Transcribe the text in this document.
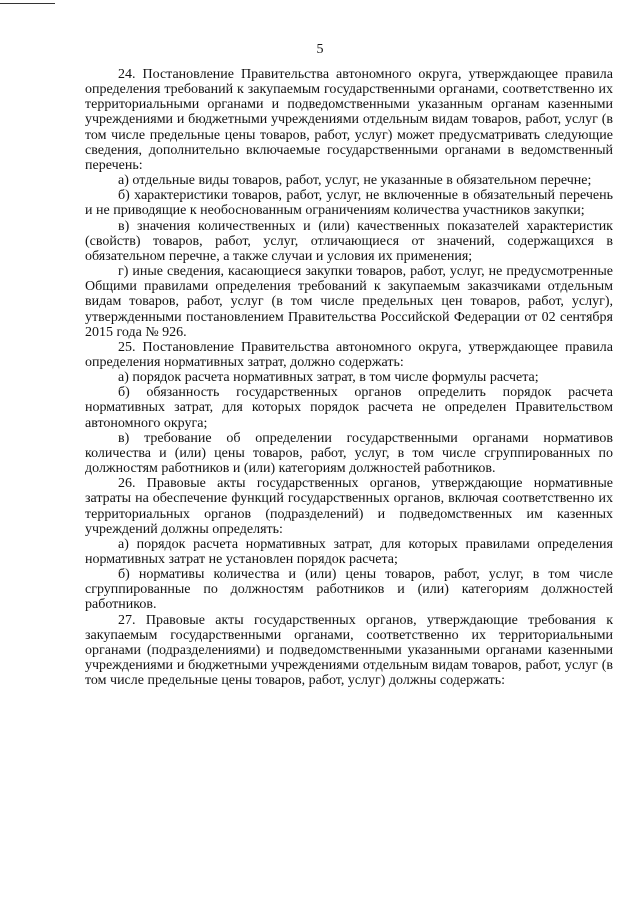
5

24. Постановление Правительства автономного округа, утверждающее правила определения требований к закупаемым государственными органами, соответственно их территориальными органами и подведомственными указанным органам казенными учреждениями и бюджетными учреждениями отдельным видам товаров, работ, услуг (в том числе предельные цены товаров, работ, услуг) может предусматривать следующие сведения, дополнительно включаемые государственными органами в ведомственный перечень:

а) отдельные виды товаров, работ, услуг, не указанные в обязательном перечне;

б) характеристики товаров, работ, услуг, не включенные в обязательный перечень и не приводящие к необоснованным ограничениям количества участников закупки;

в) значения количественных и (или) качественных показателей характеристик (свойств) товаров, работ, услуг, отличающиеся от значений, содержащихся в обязательном перечне, а также случаи и условия их применения;

г) иные сведения, касающиеся закупки товаров, работ, услуг, не предусмотренные Общими правилами определения требований к закупаемым заказчиками отдельным видам товаров, работ, услуг (в том числе предельных цен товаров, работ, услуг), утвержденными постановлением Правительства Российской Федерации от 02 сентября 2015 года № 926.

25. Постановление Правительства автономного округа, утверждающее правила определения нормативных затрат, должно содержать:

а) порядок расчета нормативных затрат, в том числе формулы расчета;

б) обязанность государственных органов определить порядок расчета нормативных затрат, для которых порядок расчета не определен Правительством автономного округа;

в) требование об определении государственными органами нормативов количества и (или) цены товаров, работ, услуг, в том числе сгруппированных по должностям работников и (или) категориям должностей работников.

26. Правовые акты государственных органов, утверждающие нормативные затраты на обеспечение функций государственных органов, включая соответственно их территориальных органов (подразделений) и подведомственных им казенных учреждений должны определять:

а) порядок расчета нормативных затрат, для которых правилами определения нормативных затрат не установлен порядок расчета;

б) нормативы количества и (или) цены товаров, работ, услуг, в том числе сгруппированные по должностям работников и (или) категориям должностей работников.

27. Правовые акты государственных органов, утверждающие требования к закупаемым государственными органами, соответственно их территориальными органами (подразделениями) и подведомственными указанными органами казенными учреждениями и бюджетными учреждениями отдельным видам товаров, работ, услуг (в том числе предельные цены товаров, работ, услуг) должны содержать:
